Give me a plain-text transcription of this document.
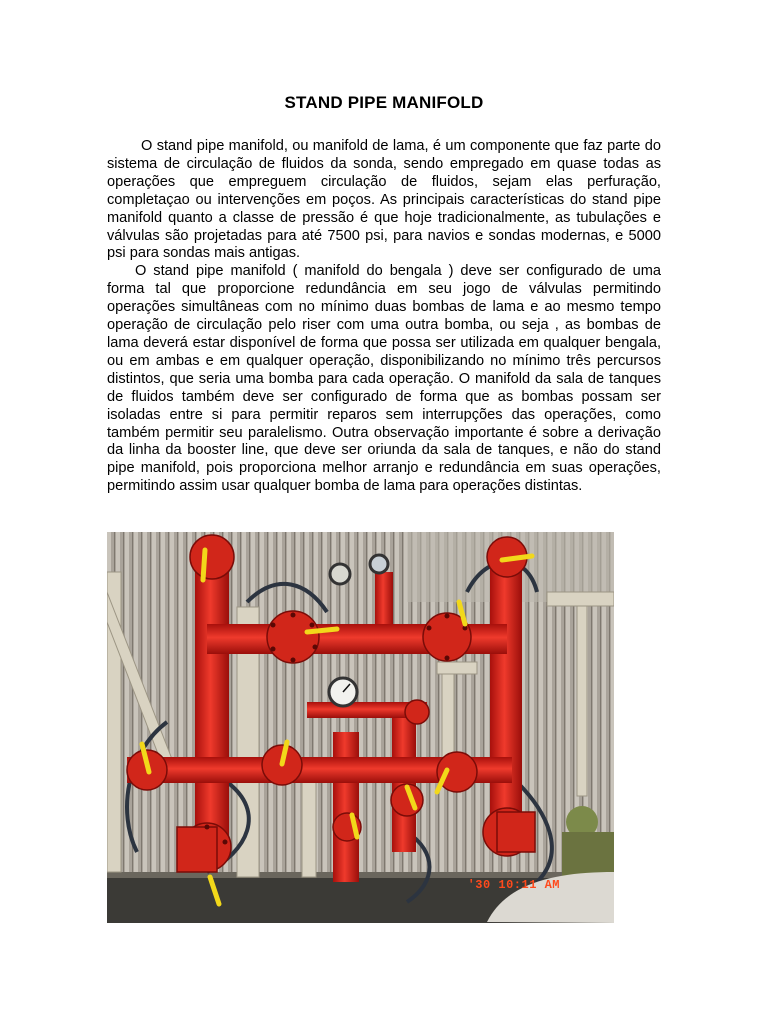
STAND PIPE MANIFOLD

O stand pipe manifold, ou manifold de lama, é um componente que faz parte do sistema de circulação de fluidos da sonda, sendo empregado em quase todas as operações que empreguem circulação de fluidos, sejam elas perfuração, completaçao ou intervenções em poços. As principais características do stand pipe manifold quanto a classe de pressão é que hoje tradicionalmente, as tubulações e válvulas são projetadas para até 7500 psi, para navios e sondas modernas, e 5000 psi para sondas mais antigas.

O stand pipe manifold ( manifold do bengala ) deve ser configurado de uma forma tal que proporcione redundância em seu jogo de válvulas permitindo operações simultâneas com no mínimo duas bombas de lama e ao mesmo tempo operação de circulação pelo riser com uma outra bomba, ou seja , as bombas de lama deverá estar disponível de forma que possa ser utilizada em qualquer bengala, ou em ambas e em qualquer operação, disponibilizando no mínimo três percursos distintos, que seria uma bomba para cada operação. O manifold da sala de tanques de fluidos também deve ser configurado de forma que as bombas possam ser isoladas entre si para permitir reparos sem interrupções das operações, como também permitir seu paralelismo. Outra observação importante é sobre a derivação da linha da booster line, que deve ser oriunda da sala de tanques, e não do stand pipe manifold, pois proporciona melhor arranjo e redundância em suas operações, permitindo assim usar qualquer bomba de lama para operações distintas.

'30 10:11 AM
